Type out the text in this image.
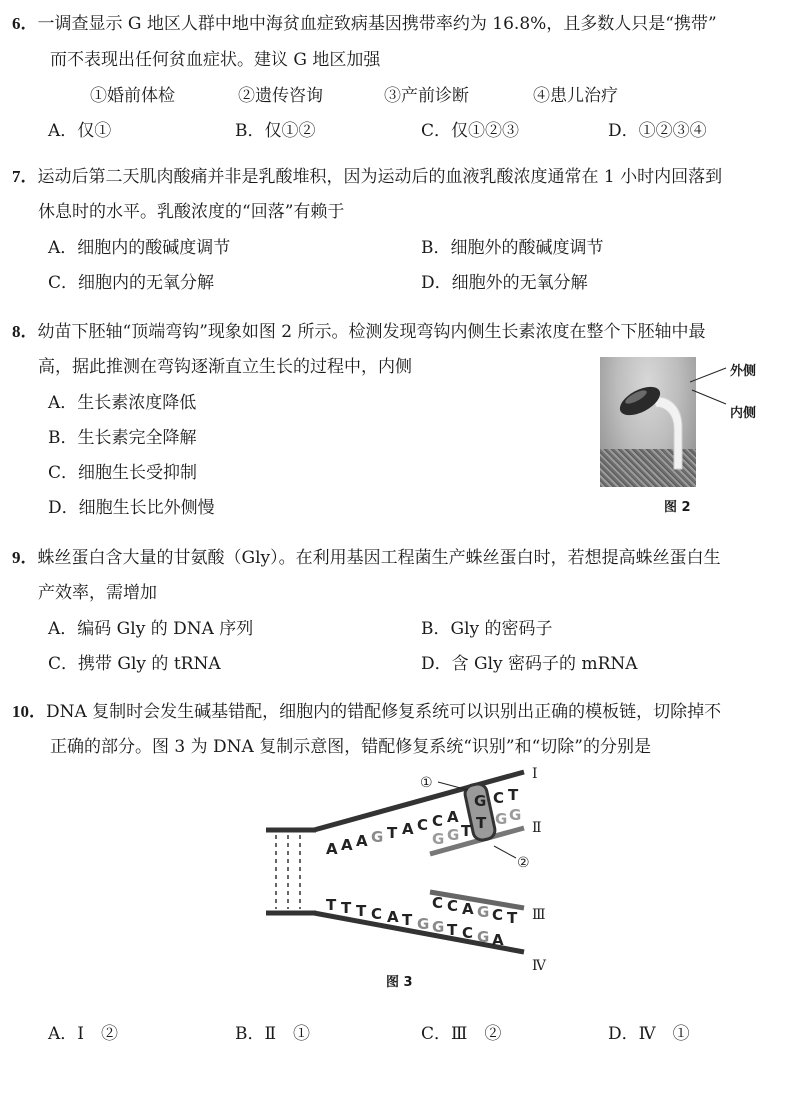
6．一调查显示 G 地区人群中地中海贫血症致病基因携带率约为 16.8%，且多数人只是“携带”
而不表现出任何贫血症状。建议 G 地区加强
①婚前体检	②遗传咨询	③产前诊断	④患儿治疗
A．仅①	B．仅①②	C．仅①②③	D．①②③④
7．运动后第二天肌肉酸痛并非是乳酸堆积，因为运动后的血液乳酸浓度通常在 1 小时内回落到
休息时的水平。乳酸浓度的“回落”有赖于
A．细胞内的酸碱度调节	B．细胞外的酸碱度调节
C．细胞内的无氧分解	D．细胞外的无氧分解
8．幼苗下胚轴“顶端弯钩”现象如图 2 所示。检测发现弯钩内侧生长素浓度在整个下胚轴中最
高，据此推测在弯钩逐渐直立生长的过程中，内侧
A．生长素浓度降低
B．生长素完全降解
C．细胞生长受抑制
D．细胞生长比外侧慢
外侧
内侧
图 2
9．蛛丝蛋白含大量的甘氨酸（Gly）。在利用基因工程菌生产蛛丝蛋白时，若想提高蛛丝蛋白生
产效率，需增加
A．编码 Gly 的 DNA 序列	B．Gly 的密码子
C．携带 Gly 的 tRNA	D．含 Gly 密码子的 mRNA
10．DNA 复制时会发生碱基错配，细胞内的错配修复系统可以识别出正确的模板链，切除掉不
正确的部分。图 3 为 DNA 复制示意图，错配修复系统“识别”和“切除”的分别是
A A A G T A C C A
G C T
G G T T G G
T T T C A T G G T C G A
C C A G C T
①
②
Ⅰ
Ⅱ
Ⅲ
Ⅳ
图 3
A．Ⅰ　②	B．Ⅱ　①	C．Ⅲ　②	D．Ⅳ　①
